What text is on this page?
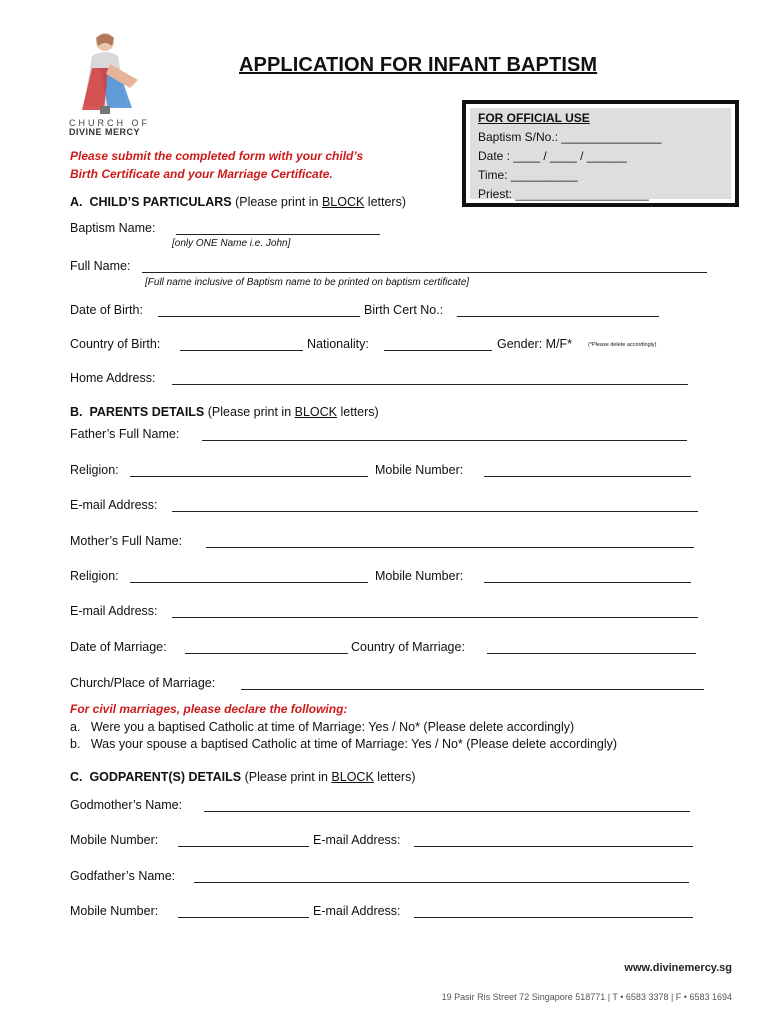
CHURCH OF
DIVINE MERCY
APPLICATION FOR INFANT BAPTISM
FOR OFFICIAL USE
Baptism S/No.: _______________
Date : ____ / ____ / ______
Time: __________
Priest: ____________________
Please submit the completed form with your child’s
Birth Certificate and your Marriage Certificate.
A. CHILD’S PARTICULARS (Please print in BLOCK letters)
Baptism Name:
[only ONE Name i.e. John]
Full Name:
[Full name inclusive of Baptism name to be printed on baptism certificate]
Date of Birth:	Birth Cert No.:
Country of Birth:	Nationality:	Gender: M/F*	(*Please delete accordingly)
Home Address:
B. PARENTS DETAILS (Please print in BLOCK letters)
Father’s Full Name:
Religion:	Mobile Number:
E-mail Address:
Mother’s Full Name:
Religion:	Mobile Number:
E-mail Address:
Date of Marriage:	Country of Marriage:
Church/Place of Marriage:
For civil marriages, please declare the following:
a.   Were you a baptised Catholic at time of Marriage: Yes / No* (Please delete accordingly)
b.   Was your spouse a baptised Catholic at time of Marriage: Yes / No* (Please delete accordingly)
C. GODPARENT(S) DETAILS (Please print in BLOCK letters)
Godmother’s Name:
Mobile Number:	E-mail Address:
Godfather’s Name:
Mobile Number:	E-mail Address:
www.divinemercy.sg
19 Pasir Ris Street 72 Singapore 518771 | T • 6583 3378 | F • 6583 1694
